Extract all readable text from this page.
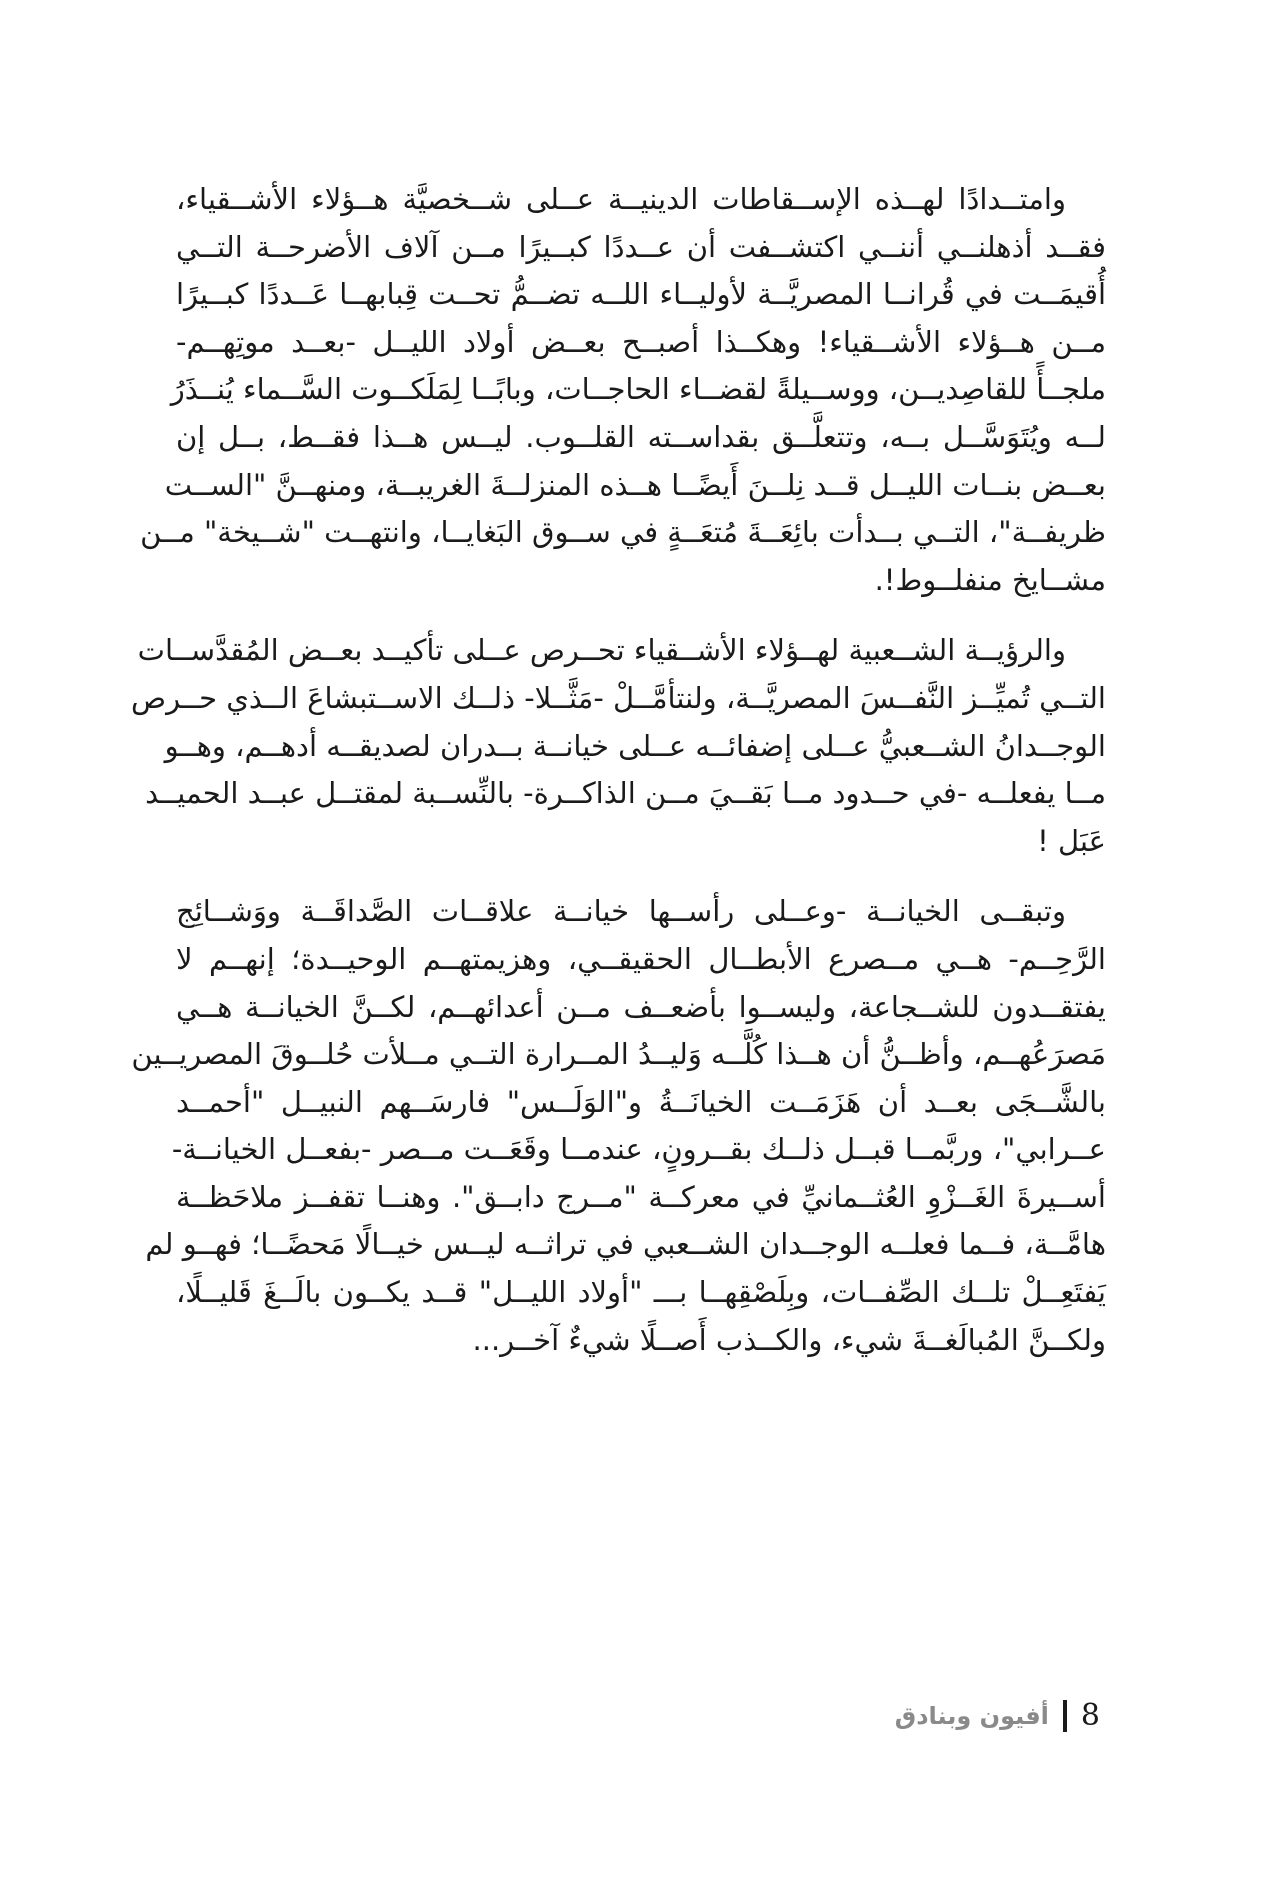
وامتــدادًا لهــذه الإســقاطات الدينيــة عــلى شــخصيَّة هــؤلاء الأشــقياء،
فقــد أذهلنــي أننــي اكتشــفت أن عــددًا كبــيرًا مــن آلاف الأضرحــة التــي
أُقيمَــت في قُرانــا المصريَّــة لأوليــاء اللــه تضــمُّ تحــت قِبابهــا عَــددًا كبــيرًا
مــن هــؤلاء الأشــقياء! وهكــذا أصبــح بعــض أولاد الليــل -بعــد موتِهــم-
ملجــأً للقاصِديــن، ووســيلةً لقضــاء الحاجــات، وبابًــا لِمَلَكــوت السَّــماء يُنــذَرُ
لــه ويُتَوَسَّــل بــه، وتتعلَّــق بقداســته القلــوب. ليــس هــذا فقــط، بــل إن
بعــض بنــات الليــل قــد نِلــنَ أَيضًــا هــذه المنزلــةَ الغريبــة، ومنهــنَّ "الســت
ظريفــة"، التــي بــدأت بائِعَــةَ مُتعَــةٍ في ســوق البَغايــا، وانتهــت "شــيخة" مــن
مشــايخ منفلــوط!.

والرؤيــة الشــعبية لهــؤلاء الأشــقياء تحــرص عــلى تأكيــد بعــض المُقدَّســات
التــي تُميِّــز النَّفــسَ المصريَّــة، ولنتأمَّــلْ -مَثَّــلا- ذلــك الاســتبشاعَ الــذي حــرص
الوجــدانُ الشــعبيُّ عــلى إضفائــه عــلى خيانــة بــدران لصديقــه أدهــم، وهــو
مــا يفعلــه -في حــدود مــا بَقــيَ مــن الذاكــرة- بالنِّســبة لمقتــل عبــد الحميــد
عَبَل !

وتبقــى الخيانــة -وعــلى رأســها خيانــة علاقــات الصَّداقَــة ووَشــائِج
الرَّحِــم- هــي مــصرع الأبطــال الحقيقــي، وهزيمتهــم الوحيــدة؛ إنهــم لا
يفتقــدون للشــجاعة، وليســوا بأضعــف مــن أعدائهــم، لكــنَّ الخيانــة هــي
مَصرَعُهــم، وأظــنُّ أن هــذا كُلَّــه وَليــدُ المــرارة التــي مــلأت حُلــوقَ المصريــين
بالشَّــجَى بعــد أن هَزَمَــت الخيانَــةُ و"الوَلَــس" فارسَــهم النبيــل "أحمــد
عــرابي"، وربَّمــا قبــل ذلــك بقــرونٍ، عندمــا وقَعَــت مــصر -بفعــل الخيانــة-
أســيرةَ الغَــزْوِ العُثــمانيِّ في معركــة "مــرج دابــق". وهنــا تقفــز ملاحَظــة
هامَّــة، فــما فعلــه الوجــدان الشــعبي في تراثــه ليــس خيــالًا مَحضًــا؛ فهــو لم
يَفتَعِــلْ تلــك الصِّفــات، وبِلَصْقِهــا بـــ "أولاد الليــل" قــد يكــون بالَــغَ قَليــلًا،
ولكــنَّ المُبالَغــةَ شيء، والكــذب أَصــلًا شيءٌ آخــر...

8
أفيون وبنادق
